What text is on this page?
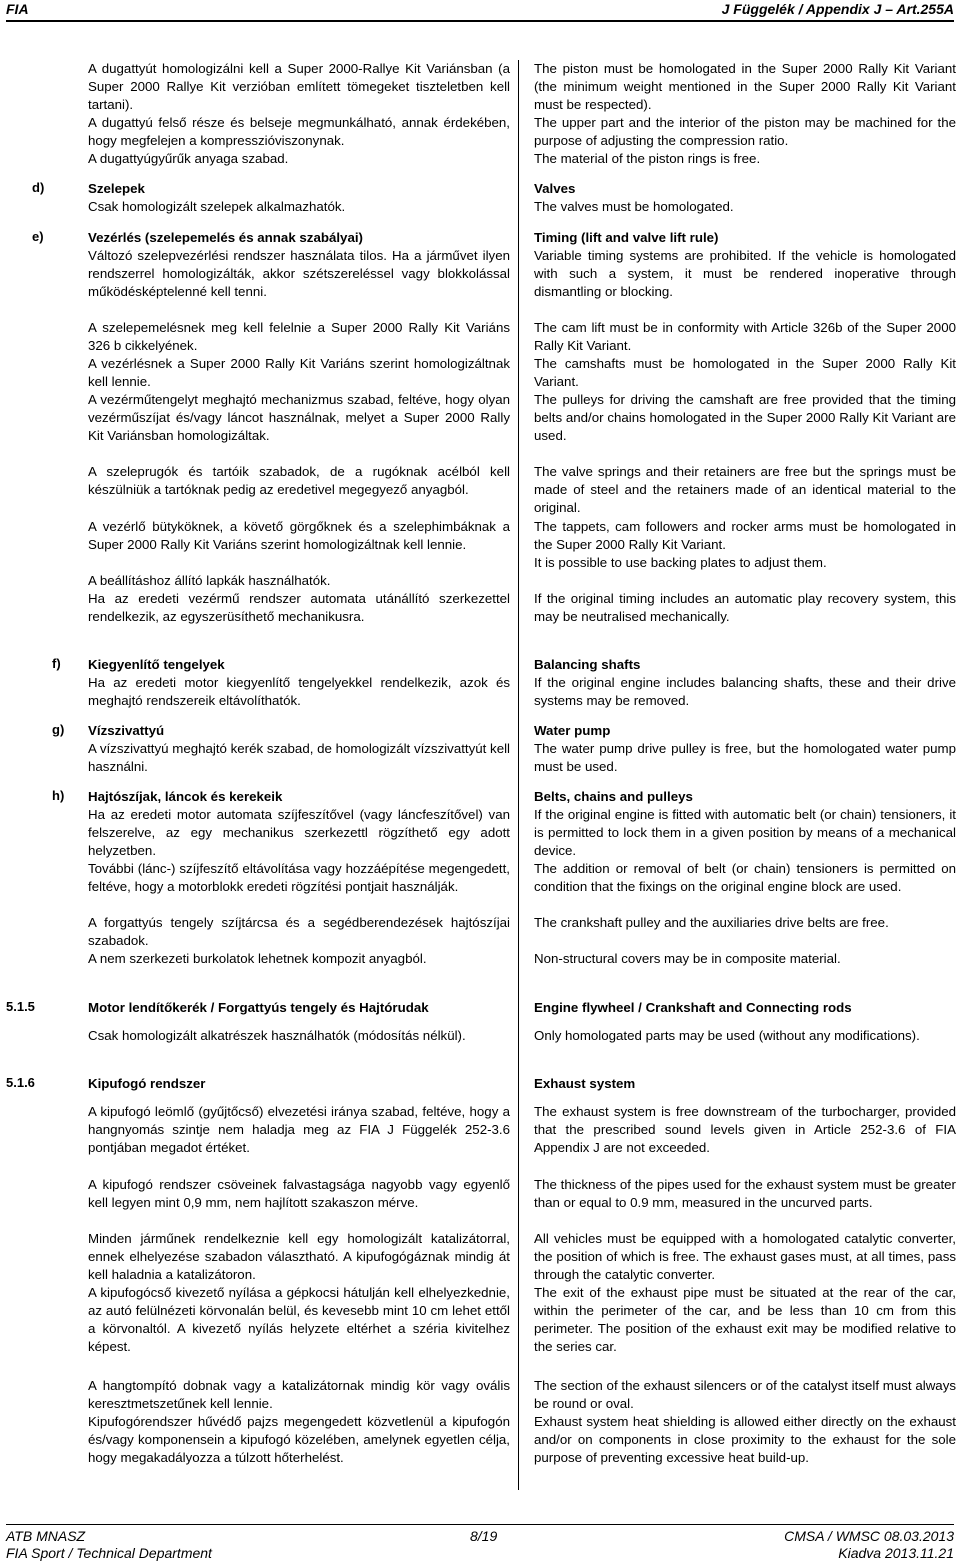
FIA	J Függelék / Appendix J – Art.255A
d)
e)
f)
g)
h)
5.1.5
5.1.6
A dugattyút homologizálni kell a Super 2000-Rallye Kit Variánsban (a Super 2000 Rallye Kit verzióban említett tömegeket tiszteletben kell tartani).
A dugattyú felső része és belseje megmunkálható, annak érdekében, hogy megfelejen a kompresszióviszonynak.
A dugattyúgyűrűk anyaga szabad.
Szelepek
Csak homologizált szelepek alkalmazhatók.
Vezérlés (szelepemelés és annak szabályai)
Változó szelepvezérlési rendszer használata tilos. Ha a járművet ilyen rendszerrel homologizálták, akkor szétszereléssel vagy blokkolással működésképtelenné kell tenni.
A szelepemelésnek meg kell felelnie a Super 2000 Rally Kit Variáns 326 b cikkelyének.
A vezérlésnek a Super 2000 Rally Kit Variáns szerint homologizáltnak kell lennie.
A vezérműtengelyt meghajtó mechanizmus szabad, feltéve, hogy olyan vezérműszíjat és/vagy láncot használnak, melyet a Super 2000 Rally Kit Variánsban homologizáltak.
A szeleprugók és tartóik szabadok, de a rugóknak acélból kell készülniük a tartóknak pedig az eredetivel megegyező anyagból.
A vezérlő bütyköknek, a követő görgőknek és a szelephimbáknak a Super 2000 Rally Kit Variáns szerint homologizáltnak kell lennie.
A beállításhoz állító lapkák használhatók.
Ha az eredeti vezérmű rendszer automata utánállító szerkezettel rendelkezik, az egyszerüsíthető mechanikusra.
Kiegyenlítő tengelyek
Ha az eredeti motor kiegyenlítő tengelyekkel rendelkezik, azok és meghajtó rendszereik eltávolíthatók.
Vízszivattyú
A vízszivattyú meghajtó kerék szabad, de homologizált vízszivattyút kell használni.
Hajtószíjak, láncok és kerekeik
Ha az eredeti motor automata szíjfeszítővel (vagy láncfeszítővel) van felszerelve, az egy mechanikus szerkezettl rögzíthető egy adott helyzetben.
További (lánc-) szíjfeszítő eltávolítása vagy hozzáépítése megengedett, feltéve, hogy a motorblokk eredeti rögzítési pontjait használják.
A forgattyús tengely szíjtárcsa és a segédberendezések hajtószíjai szabadok.
A nem szerkezeti burkolatok lehetnek kompozit anyagból.
Motor lendítőkerék / Forgattyús tengely és Hajtórudak
Csak homologizált alkatrészek használhatók (módosítás nélkül).
Kipufogó rendszer
A kipufogó leömlő (gyűjtőcső) elvezetési iránya szabad, feltéve, hogy a hangnyomás szintje nem haladja meg az FIA J Függelék 252-3.6 pontjában megadot értéket.
A kipufogó rendszer csöveinek falvastagsága nagyobb vagy egyenlő kell legyen mint 0,9 mm, nem hajlított szakaszon mérve.
Minden járműnek rendelkeznie kell egy homologizált katalizátorral, ennek elhelyezése szabadon választható. A kipufogógáznak mindig át kell haladnia a katalizátoron.
A kipufogócső kivezető nyílása a gépkocsi hátulján kell elhelyezkednie, az autó felülnézeti körvonalán belül, és kevesebb mint 10 cm lehet ettől a körvonaltól. A kivezető nyílás helyzete eltérhet a széria kivitelhez képest.
A hangtompító dobnak vagy a katalizátornak mindig kör vagy ovális keresztmetszetűnek kell lennie.
Kipufogórendszer hűvédő pajzs megengedett közvetlenül a kipufogón és/vagy komponensein a kipufogó közelében, amelynek egyetlen célja, hogy megakadályozza a túlzott hőterhelést.
The piston must be homologated in the Super 2000 Rally Kit Variant (the minimum weight mentioned in the Super 2000 Rally Kit Variant must be respected).
The upper part and the interior of the piston may be machined for the purpose of adjusting the compression ratio.
The material of the piston rings is free.
Valves
The valves must be homologated.
Timing (lift and valve lift rule)
Variable timing systems are prohibited. If the vehicle is homologated with such a system, it must be rendered inoperative through dismantling or blocking.
The cam lift must be in conformity with Article 326b of the Super 2000 Rally Kit Variant.
The camshafts must be homologated in the Super 2000 Rally Kit Variant.
The pulleys for driving the camshaft are free provided that the timing belts and/or chains homologated in the Super 2000 Rally Kit Variant are used.
The valve springs and their retainers are free but the springs must be made of steel and the retainers made of an identical material to the original.
The tappets, cam followers and rocker arms must be homologated in the Super 2000 Rally Kit Variant.
It is possible to use backing plates to adjust them.
If the original timing includes an automatic play recovery system, this may be neutralised mechanically.
Balancing shafts
If the original engine includes balancing shafts, these and their drive systems may be removed.
Water pump
The water pump drive pulley is free, but the homologated water pump must be used.
Belts, chains and pulleys
If the original engine is fitted with automatic belt (or chain) tensioners, it is permitted to lock them in a given position by means of a mechanical device.
The addition or removal of belt (or chain) tensioners is permitted on condition that the fixings on the original engine block are used.
The crankshaft pulley and the auxiliaries drive belts are free.
Non-structural covers may be in composite material.
Engine flywheel / Crankshaft and Connecting rods
Only homologated parts may be used (without any modifications).
Exhaust system
The exhaust system is free downstream of the turbocharger, provided that the prescribed sound levels given in Article 252-3.6 of FIA Appendix J are not exceeded.
The thickness of the pipes used for the exhaust system must be greater than or equal to 0.9 mm, measured in the uncurved parts.
All vehicles must be equipped with a homologated catalytic converter, the position of which is free. The exhaust gases must, at all times, pass through the catalytic converter.
The exit of the exhaust pipe must be situated at the rear of the car, within the perimeter of the car, and be less than 10 cm from this perimeter. The position of the exhaust exit may be modified relative to the series car.
The section of the exhaust silencers or of the catalyst itself must always be round or oval.
Exhaust system heat shielding is allowed either directly on the exhaust and/or on components in close proximity to the exhaust for the sole purpose of preventing excessive heat build-up.
ATB MNASZ
FIA Sport / Technical Department
8/19	CMSA / WMSC 08.03.2013
Kiadva 2013.11.21
